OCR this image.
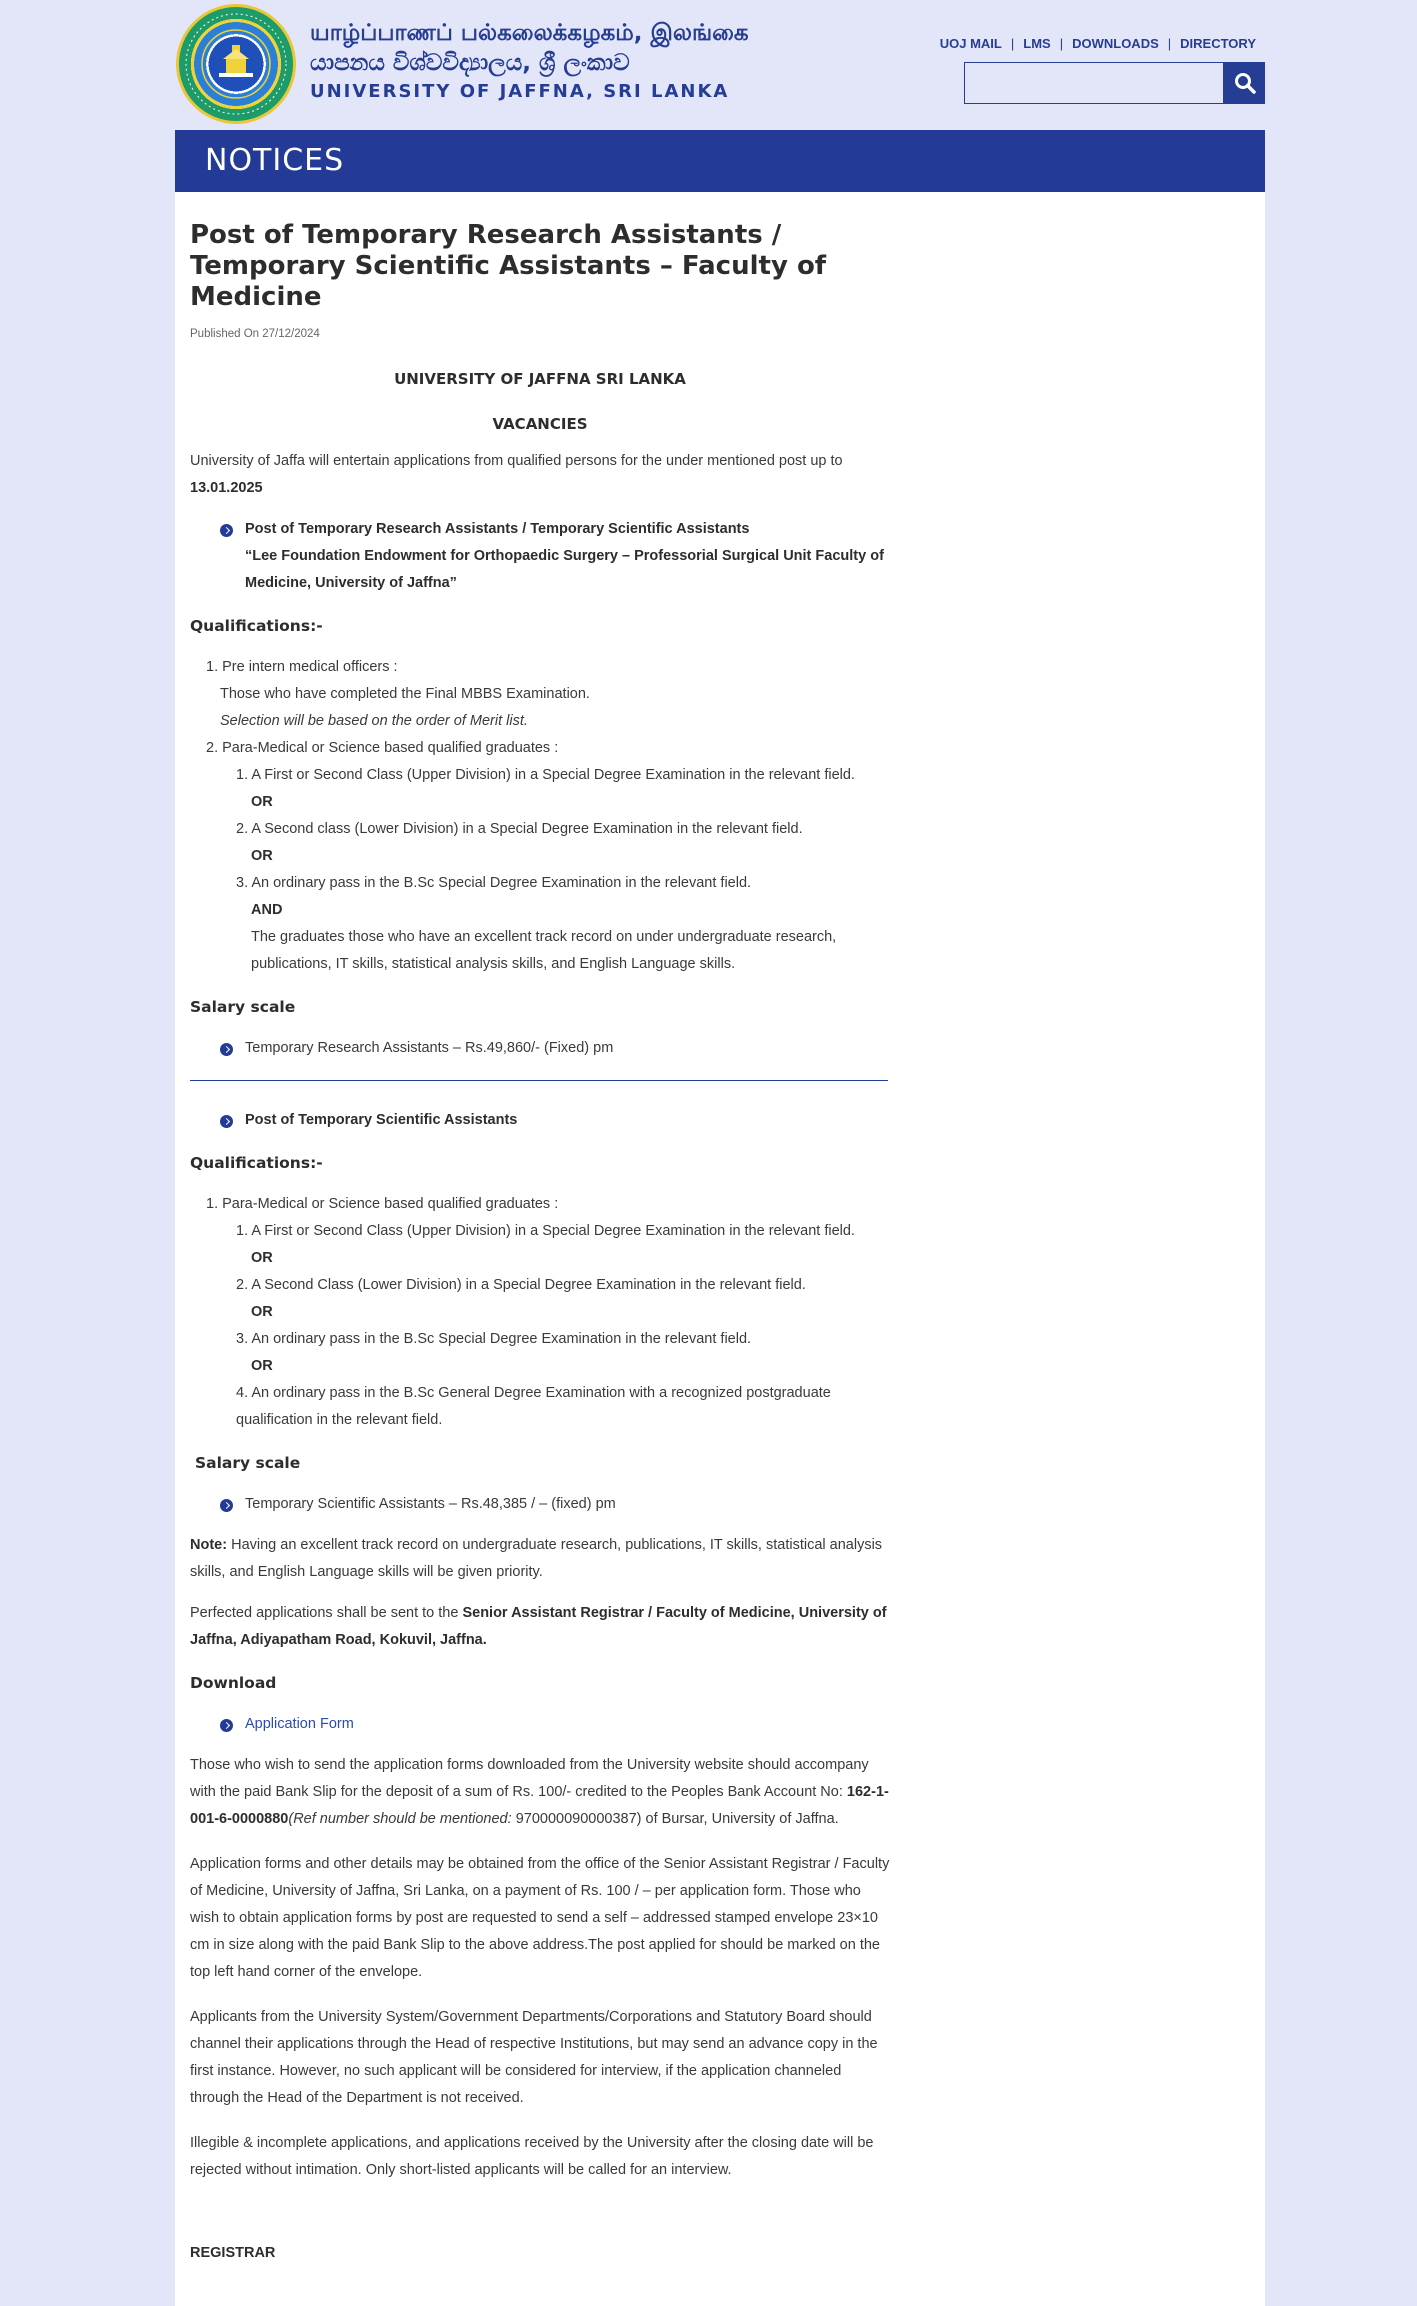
யாழ்ப்பாணப் பல்கலைக்கழகம், இலங்கை
යාපනය විශ්වවිද්‍යාලය, ශ්‍රී ලංකාව
UNIVERSITY OF JAFFNA, SRI LANKA
UOJ MAIL | LMS | DOWNLOADS | DIRECTORY
NOTICES
Post of Temporary Research Assistants / Temporary Scientific Assistants – Faculty of Medicine
Published On 27/12/2024
UNIVERSITY OF JAFFNA SRI LANKA
VACANCIES

University of Jaffa will entertain applications from qualified persons for the under mentioned post up to
13.01.2025

Post of Temporary Research Assistants / Temporary Scientific Assistants
“Lee Foundation Endowment for Orthopaedic Surgery – Professorial Surgical Unit Faculty of Medicine, University of Jaffna”
Qualifications:-
1. Pre intern medical officers :
Those who have completed the Final MBBS Examination.
Selection will be based on the order of Merit list.
2. Para-Medical or Science based qualified graduates :
1. A First or Second Class (Upper Division) in a Special Degree Examination in the relevant field.
OR
2. A Second class (Lower Division) in a Special Degree Examination in the relevant field.
OR
3. An ordinary pass in the B.Sc Special Degree Examination in the relevant field.
AND
The graduates those who have an excellent track record on under undergraduate research, publications, IT skills, statistical analysis skills, and English Language skills.
Salary scale
Temporary Research Assistants – Rs.49,860/- (Fixed) pm
Post of Temporary Scientific Assistants
Qualifications:-
1. Para-Medical or Science based qualified graduates :
1. A First or Second Class (Upper Division) in a Special Degree Examination in the relevant field.
OR
2. A Second Class (Lower Division) in a Special Degree Examination in the relevant field.
OR
3. An ordinary pass in the B.Sc Special Degree Examination in the relevant field.
OR
4. An ordinary pass in the B.Sc General Degree Examination with a recognized postgraduate qualification in the relevant field.
Salary scale
Temporary Scientific Assistants – Rs.48,385 / – (fixed) pm

Note: Having an excellent track record on undergraduate research, publications, IT skills, statistical analysis skills, and English Language skills will be given priority.

Perfected applications shall be sent to the Senior Assistant Registrar / Faculty of Medicine, University of Jaffna, Adiyapatham Road, Kokuvil, Jaffna.

Download
Application Form

Those who wish to send the application forms downloaded from the University website should accompany with the paid Bank Slip for the deposit of a sum of Rs. 100/- credited to the Peoples Bank Account No: 162-1-001-6-0000880(Ref number should be mentioned: 970000090000387) of Bursar, University of Jaffna.

Application forms and other details may be obtained from the office of the Senior Assistant Registrar / Faculty of Medicine, University of Jaffna, Sri Lanka, on a payment of Rs. 100 / – per application form. Those who wish to obtain application forms by post are requested to send a self – addressed stamped envelope 23×10 cm in size along with the paid Bank Slip to the above address.The post applied for should be marked on the top left hand corner of the envelope.

Applicants from the University System/Government Departments/Corporations and Statutory Board should channel their applications through the Head of respective Institutions, but may send an advance copy in the first instance. However, no such applicant will be considered for interview, if the application channeled through the Head of the Department is not received.

Illegible & incomplete applications, and applications received by the University after the closing date will be rejected without intimation. Only short-listed applicants will be called for an interview.

REGISTRAR
